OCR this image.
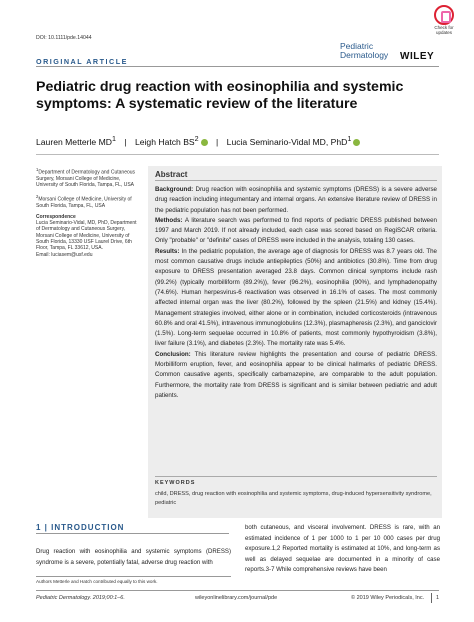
DOI: 10.1111/pde.14044
Check for
updates
Pediatric
Dermatology WILEY
ORIGINAL ARTICLE
Pediatric drug reaction with eosinophilia and systemic symptoms: A systematic review of the literature
Lauren Metterle $MD^1$ | Leigh Hatch $BS^2$ | Lucia Seminario-Vidal MD, PhD$^1$

$^1$Department of Dermatology and Cutaneous Surgery, Morsani College of Medicine, University of South Florida, Tampa, FL, USA

$^2$Morsani College of Medicine, University of South Florida, Tampa, FL, USA

Correspondence
Lucia Seminario-Vidal, MD, PhD, Department of Dermatology and Cutaneous Surgery, Morsani College of Medicine, University of South Florida, 13330 USF Laurel Drive, 6th Floor, Tampa, FL 33612, USA.
Email: luciasem@usf.edu

Abstract

Background: Drug reaction with eosinophilia and systemic symptoms (DRESS) is a severe adverse drug reaction including integumentary and internal organs. An extensive literature review of DRESS in the pediatric population has not been performed.

Methods: A literature search was performed to find reports of pediatric DRESS published between 1997 and March 2019. If not already included, each case was scored based on RegiSCAR criteria. Only "probable" or "definite" cases of DRESS were included in the analysis, totaling 130 cases.

Results: In the pediatric population, the average age of diagnosis for DRESS was 8.7 years old. The most common causative drugs include antiepileptics (50%) and antibiotics (30.8%). Time from drug exposure to DRESS presentation averaged 23.8 days. Common clinical symptoms include rash (99.2%) (typically morbilliform (89.2%)), fever (96.2%), eosinophilia (90%), and lymphadenopathy (74.6%). Human herpesvirus-6 reactivation was observed in 16.1% of cases. The most commonly affected internal organ was the liver (80.2%), followed by the spleen (21.5%) and kidney (15.4%). Management strategies involved, either alone or in combination, included corticosteroids (intravenous 60.8% and oral 41.5%), intravenous immunoglobulins (12.3%), plasmapheresis (2.3%), and ganciclovir (1.5%). Long-term sequelae occurred in 10.8% of patients, most commonly hypothyroidism (3.8%), liver failure (3.1%), and diabetes (2.3%). The mortality rate was 5.4%.

Conclusion: This literature review highlights the presentation and course of pediatric DRESS. Morbilliform eruption, fever, and eosinophilia appear to be clinical hallmarks of pediatric DRESS. Common causative agents, specifically carbamazepine, are comparable to the adult population. Furthermore, the mortality rate from DRESS is significant and is similar between pediatric and adult patients.

KEYWORDS
child, DRESS, drug reaction with eosinophilia and systemic symptoms, drug-induced hypersensitivity syndrome, pediatric
1 | INTRODUCTION
Drug reaction with eosinophilia and systemic symptoms (DRESS) syndrome is a severe, potentially fatal, adverse drug reaction with
both cutaneous, and visceral involvement. DRESS is rare, with an estimated incidence of 1 per 1000 to 1 per 10 000 cases per drug exposure.1,2 Reported mortality is estimated at 10%, and long-term as well as delayed sequelae are documented in a minority of case reports.3-7 While comprehensive reviews have been
Authors Metterle and Hatch contributed equally to this work.
Pediatric Dermatology. 2019;00:1–6.	wileyonlinelibrary.com/journal/pde	© 2019 Wiley Periodicals, Inc. 1
